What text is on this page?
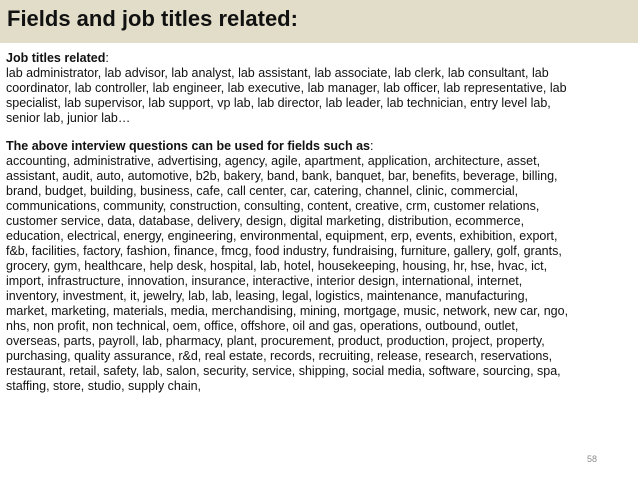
Fields and job titles related:
Job titles related:
lab administrator, lab advisor, lab analyst, lab assistant, lab associate, lab clerk, lab consultant, lab
coordinator, lab controller, lab engineer, lab executive, lab manager, lab officer, lab representative, lab
specialist, lab supervisor, lab support, vp lab, lab director, lab leader, lab technician, entry level lab,
senior lab, junior lab…
The above interview questions can be used for fields such as:
accounting, administrative, advertising, agency, agile, apartment, application, architecture, asset,
assistant, audit, auto, automotive, b2b, bakery, band, bank, banquet, bar, benefits, beverage, billing,
brand, budget, building, business, cafe, call center, car, catering, channel, clinic, commercial,
communications, community, construction, consulting, content, creative, crm, customer relations,
customer service, data, database, delivery, design, digital marketing, distribution, ecommerce,
education, electrical, energy, engineering, environmental, equipment, erp, events, exhibition, export,
f&b, facilities, factory, fashion, finance, fmcg, food industry, fundraising, furniture, gallery, golf, grants,
grocery, gym, healthcare, help desk, hospital, lab, hotel, housekeeping, housing, hr, hse, hvac, ict,
import, infrastructure, innovation, insurance, interactive, interior design, international, internet,
inventory, investment, it, jewelry, lab, lab, leasing, legal, logistics, maintenance, manufacturing,
market, marketing, materials, media, merchandising, mining, mortgage, music, network, new car, ngo,
nhs, non profit, non technical, oem, office, offshore, oil and gas, operations, outbound, outlet,
overseas, parts, payroll, lab, pharmacy, plant, procurement, product, production, project, property,
purchasing, quality assurance, r&d, real estate, records, recruiting, release, research, reservations,
restaurant, retail, safety, lab, salon, security, service, shipping, social media, software, sourcing, spa,
staffing, store, studio, supply chain,
58
